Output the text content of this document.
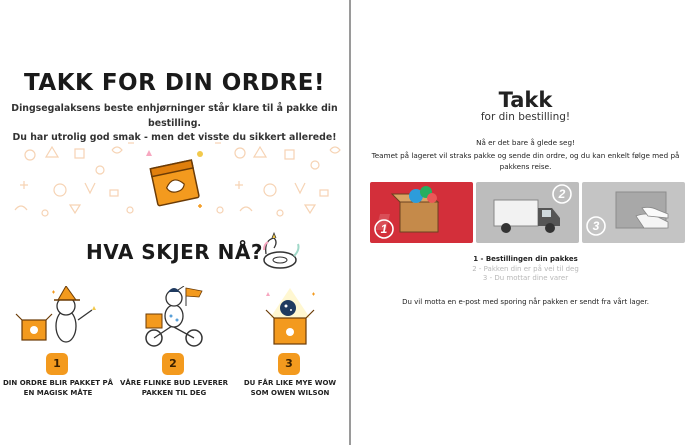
TAKK FOR DIN ORDRE!
Dingsegalaksens beste enhjørninger står klare til å pakke din bestilling.
Du har utrolig god smak - men det visste du sikkert allerede!
HVA SKJER NÅ?
1
DIN ORDRE BLIR PAKKET PÅ
EN MAGISK MÅTE
2
VÅRE FLINKE BUD LEVERER
PAKKEN TIL DEG
3
DU FÅR LIKE MYE WOW
SOM OWEN WILSON
Takk
for din bestilling!
Nå er det bare å glede seg!
Teamet på lageret vil straks pakke og sende din ordre, og du kan enkelt følge med på pakkens reise.
1
2
3
1 - Bestillingen din pakkes
2 - Pakken din er på vei til deg
3 - Du mottar dine varer
Du vil motta en e-post med sporing når pakken er sendt fra vårt lager.
